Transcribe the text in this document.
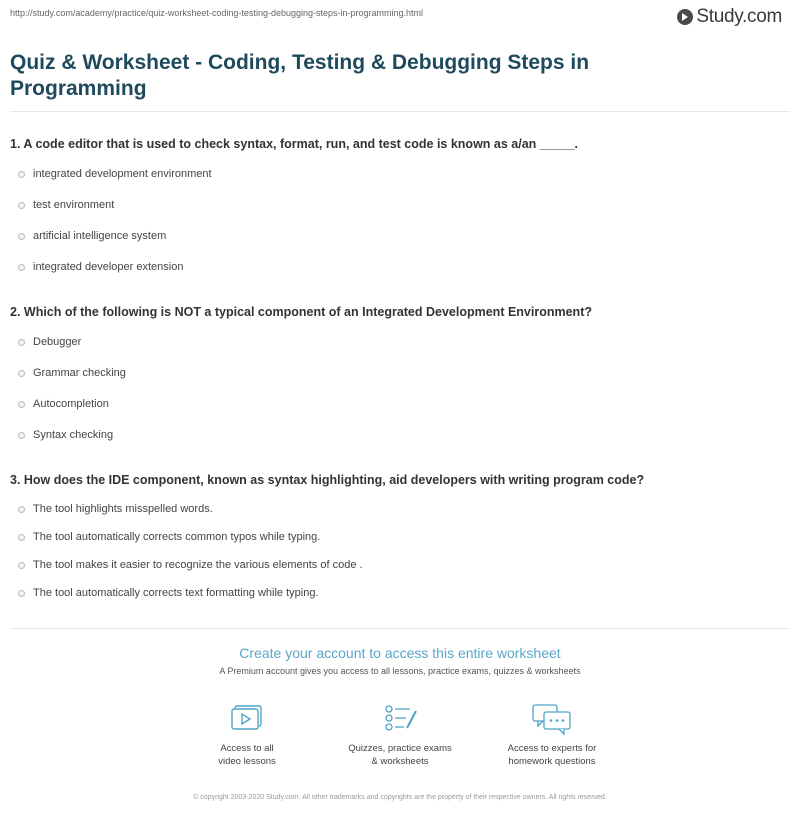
http://study.com/academy/practice/quiz-worksheet-coding-testing-debugging-steps-in-programming.html	Study.com
Quiz & Worksheet - Coding, Testing & Debugging Steps in Programming

1. A code editor that is used to check syntax, format, run, and test code is known as a/an _____.

integrated development environment
test environment
artificial intelligence system
integrated developer extension

2. Which of the following is NOT a typical component of an Integrated Development Environment?

Debugger
Grammar checking
Autocompletion
Syntax checking

3. How does the IDE component, known as syntax highlighting, aid developers with writing program code?

The tool highlights misspelled words.
The tool automatically corrects common typos while typing.
The tool makes it easier to recognize the various elements of code .
The tool automatically corrects text formatting while typing.
Create your account to access this entire worksheet
A Premium account gives you access to all lessons, practice exams, quizzes & worksheets
Access to all
video lessons
Quizzes, practice exams
& worksheets
Access to experts for
homework questions
© copyright 2003-2020 Study.com. All other trademarks and copyrights are the property of their respective owners. All rights reserved.
